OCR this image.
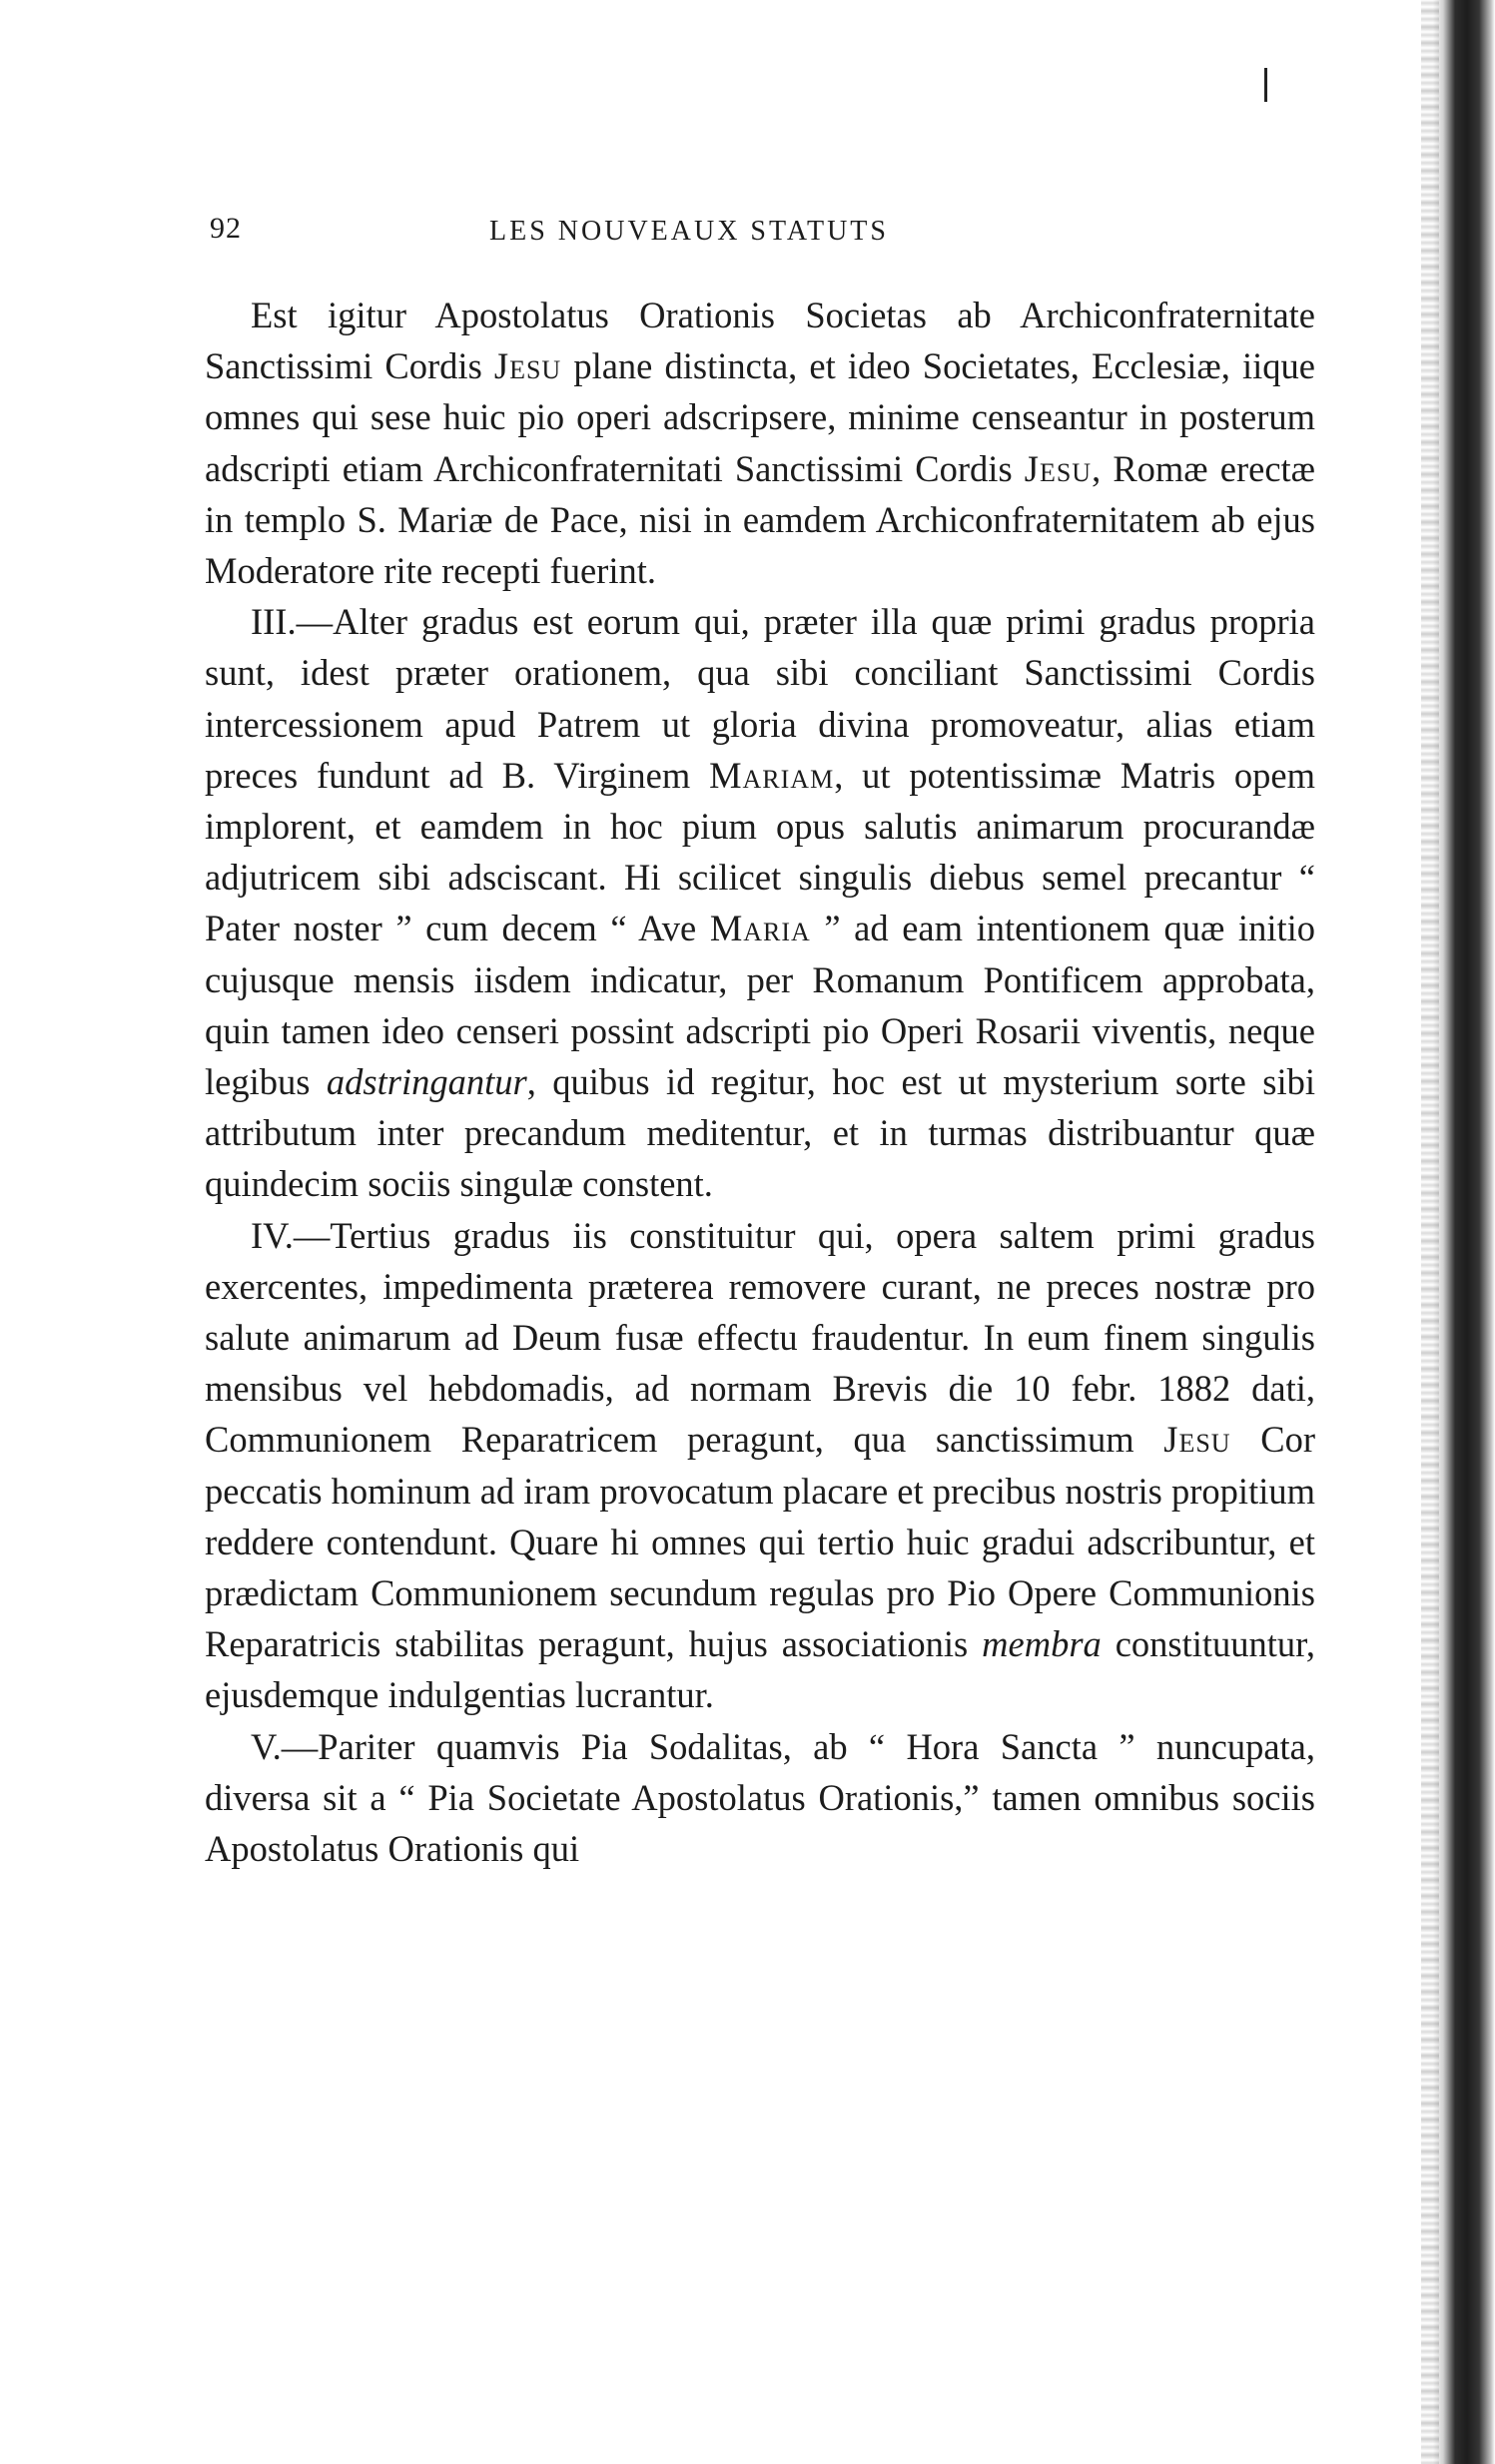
92	LES NOUVEAUX STATUTS

Est igitur Apostolatus Orationis Societas ab Archiconfraternitate Sanctissimi Cordis Jesu plane distincta, et ideo Societates, Ecclesiæ, iique omnes qui sese huic pio operi adscripsere, minime censeantur in posterum adscripti etiam Archiconfraternitati Sanctissimi Cordis Jesu, Romæ erectæ in templo S. Mariæ de Pace, nisi in eamdem Archiconfraternitatem ab ejus Moderatore rite recepti fuerint.

III.—Alter gradus est eorum qui, præter illa quæ primi gradus propria sunt, idest præter orationem, qua sibi conciliant Sanctissimi Cordis intercessionem apud Patrem ut gloria divina promoveatur, alias etiam preces fundunt ad B. Virginem Mariam, ut potentissimæ Matris opem implorent, et eamdem in hoc pium opus salutis animarum procurandæ adjutricem sibi adsciscant. Hi scilicet singulis diebus semel precantur “ Pater noster ” cum decem “ Ave Maria ” ad eam intentionem quæ initio cujusque mensis iisdem indicatur, per Romanum Pontificem approbata, quin tamen ideo censeri possint adscripti pio Operi Rosarii viventis, neque legibus adstringantur, quibus id regitur, hoc est ut mysterium sorte sibi attributum inter precandum meditentur, et in turmas distribuantur quæ quindecim sociis singulæ constent.

IV.—Tertius gradus iis constituitur qui, opera saltem primi gradus exercentes, impedimenta præterea removere curant, ne preces nostræ pro salute animarum ad Deum fusæ effectu fraudentur. In eum finem singulis mensibus vel hebdomadis, ad normam Brevis die 10 febr. 1882 dati, Communionem Reparatricem peragunt, qua sanctissimum Jesu Cor peccatis hominum ad iram provocatum placare et precibus nostris propitium reddere contendunt. Quare hi omnes qui tertio huic gradui adscribuntur, et prædictam Communionem secundum regulas pro Pio Opere Communionis Reparatricis stabilitas peragunt, hujus associationis membra constituuntur, ejusdemque indulgentias lucrantur.

V.—Pariter quamvis Pia Sodalitas, ab “ Hora Sancta ” nuncupata, diversa sit a “ Pia Societate Apostolatus Orationis,” tamen omnibus sociis Apostolatus Orationis qui
